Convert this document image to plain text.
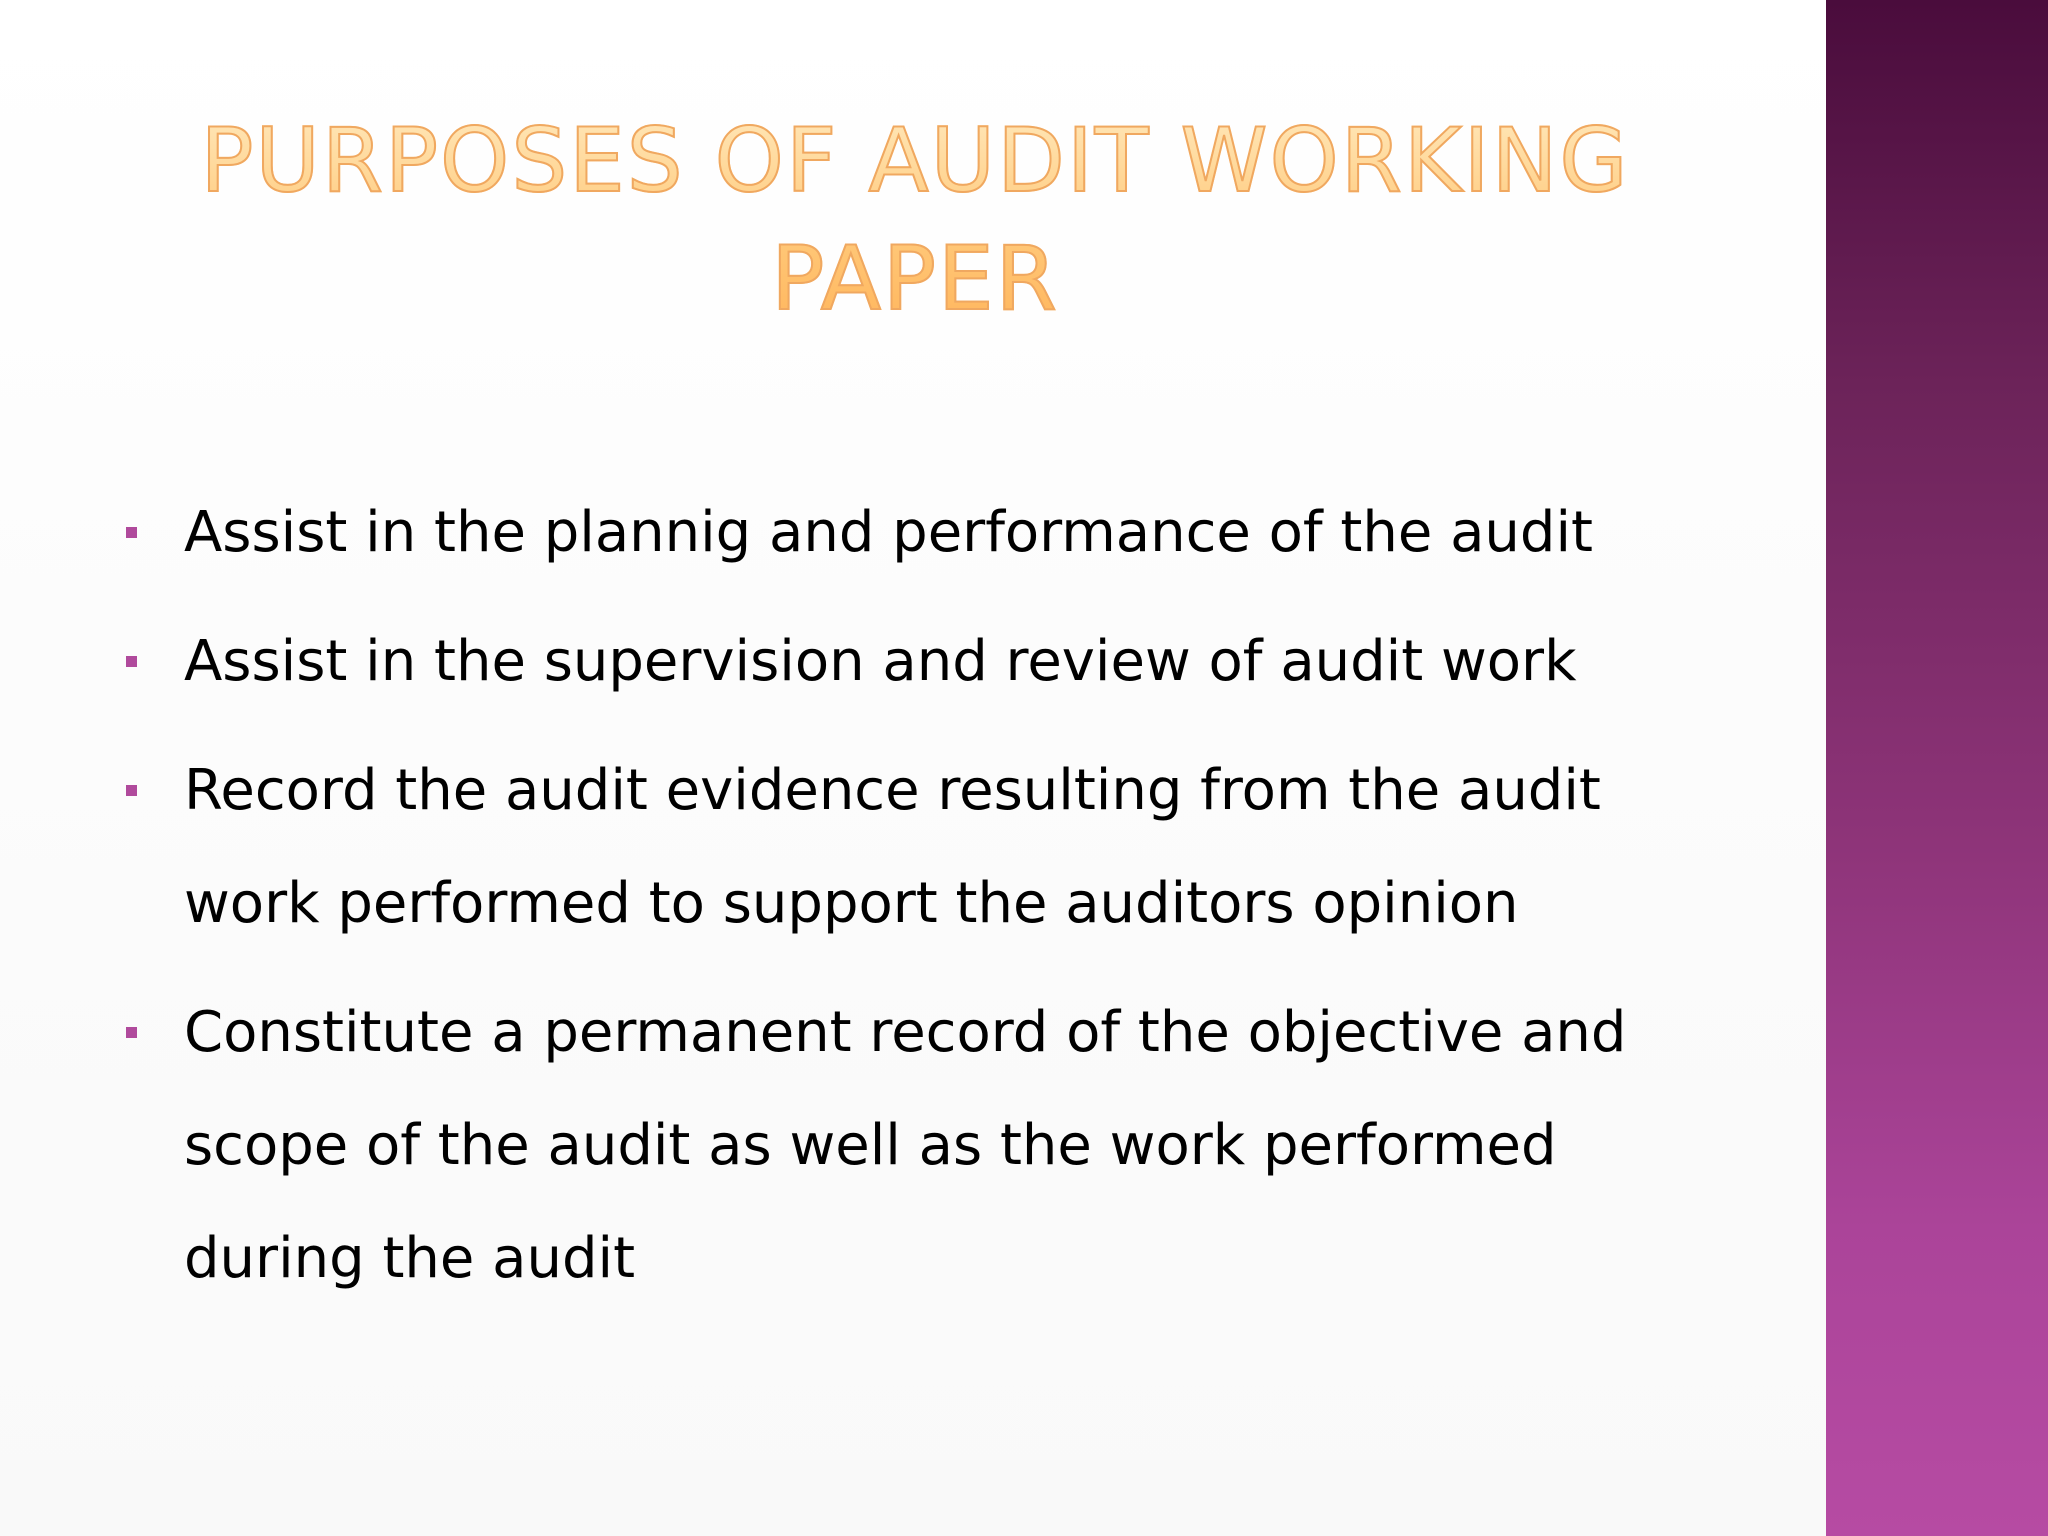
PURPOSES OF AUDIT WORKING PAPER
Assist in the plannig and performance of the audit
Assist in the supervision and review of audit work
Record the audit evidence resulting from the audit work performed to support the auditors opinion
Constitute a permanent record of the objective and scope of the audit as well as the work performed during the audit
